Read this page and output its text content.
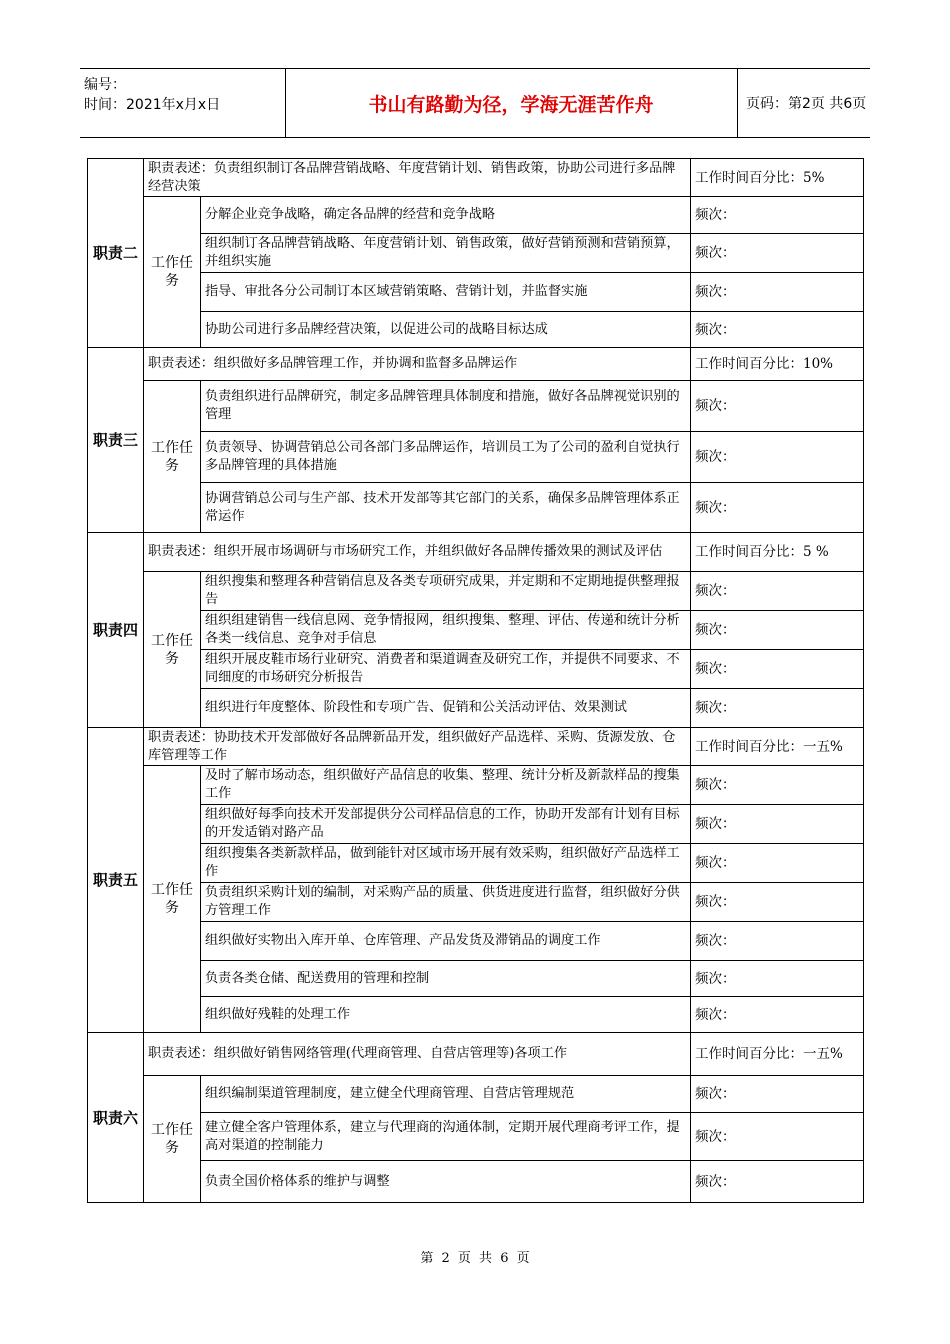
编号：
时间：2021年x月x日	书山有路勤为径，学海无涯苦作舟	页码：第2页 共6页
职责二	职责表述：负责组织制订各品牌营销战略、年度营销计划、销售政策，协助公司进行多品牌经营决策		工作时间百分比：5%
	工作任务	分解企业竞争战略，确定各品牌的经营和竞争战略	频次：
		组织制订各品牌营销战略、年度营销计划、销售政策，做好营销预测和营销预算，并组织实施	频次：
		指导、审批各分公司制订本区域营销策略、营销计划，并监督实施	频次：
		协助公司进行多品牌经营决策，以促进公司的战略目标达成	频次：
职责三	职责表述：组织做好多品牌管理工作，并协调和监督多品牌运作		工作时间百分比：10%
	工作任务	负责组织进行品牌研究，制定多品牌管理具体制度和措施，做好各品牌视觉识别的管理	频次：
		负责领导、协调营销总公司各部门多品牌运作，培训员工为了公司的盈利自觉执行多品牌管理的具体措施	频次：
		协调营销总公司与生产部、技术开发部等其它部门的关系，确保多品牌管理体系正常运作	频次：
职责四	职责表述：组织开展市场调研与市场研究工作，并组织做好各品牌传播效果的测试及评估		工作时间百分比：5 %
	工作任务	组织搜集和整理各种营销信息及各类专项研究成果，并定期和不定期地提供整理报告	频次：
		组织组建销售一线信息网、竞争情报网，组织搜集、整理、评估、传递和统计分析各类一线信息、竞争对手信息	频次：
		组织开展皮鞋市场行业研究、消费者和渠道调查及研究工作，并提供不同要求、不同细度的市场研究分析报告	频次：
		组织进行年度整体、阶段性和专项广告、促销和公关活动评估、效果测试	频次：
职责五	职责表述：协助技术开发部做好各品牌新品开发，组织做好产品选样、采购、货源发放、仓库管理等工作		工作时间百分比：一五%
	工作任务	及时了解市场动态，组织做好产品信息的收集、整理、统计分析及新款样品的搜集工作	频次：
		组织做好每季向技术开发部提供分公司样品信息的工作，协助开发部有计划有目标的开发适销对路产品	频次：
		组织搜集各类新款样品，做到能针对区域市场开展有效采购，组织做好产品选样工作	频次：
		负责组织采购计划的编制，对采购产品的质量、供货进度进行监督，组织做好分供方管理工作	频次：
		组织做好实物出入库开单、仓库管理、产品发货及滞销品的调度工作	频次：
		负责各类仓储、配送费用的管理和控制	频次：
		组织做好残鞋的处理工作	频次：
职责六	职责表述：组织做好销售网络管理(代理商管理、自营店管理等)各项工作		工作时间百分比：一五%
	工作任务	组织编制渠道管理制度，建立健全代理商管理、自营店管理规范	频次：
		建立健全客户管理体系，建立与代理商的沟通体制，定期开展代理商考评工作，提高对渠道的控制能力	频次：
		负责全国价格体系的维护与调整	频次：
第 2 页 共 6 页
